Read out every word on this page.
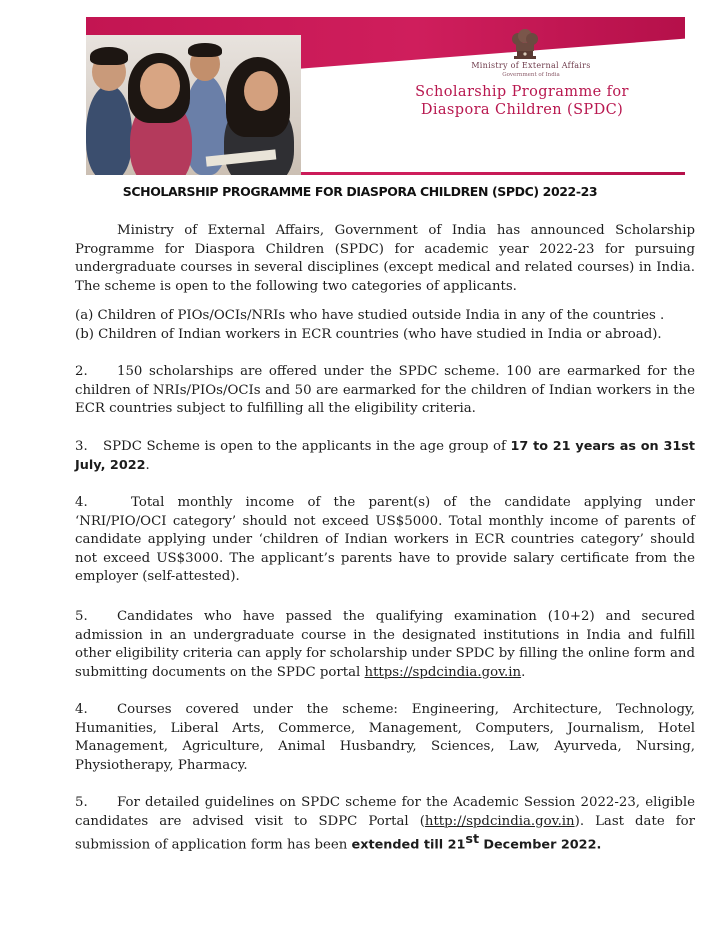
Ministry of External Affairs
Government of India
Scholarship Programme for
Diaspora Children (SPDC)
SCHOLARSHIP PROGRAMME FOR DIASPORA CHILDREN (SPDC) 2022-23

Ministry of External Affairs, Government of India has announced Scholarship Programme for Diaspora Children (SPDC) for academic year 2022-23 for pursuing undergraduate courses in several disciplines (except medical and related courses) in India. The scheme is open to the following two categories of applicants.

(a) Children of PIOs/OCIs/NRIs who have studied outside India in any of the countries .

(b) Children of Indian workers in ECR countries (who have studied in India or abroad).

2. 150 scholarships are offered under the SPDC scheme. 100 are earmarked for the children of NRIs/PIOs/OCIs and 50 are earmarked for the children of Indian workers in the ECR countries subject to fulfilling all the eligibility criteria.

3. SPDC Scheme is open to the applicants in the age group of 17 to 21 years as on 31st July, 2022.

4.	Total monthly income of the parent(s) of the candidate applying under ‘NRI/PIO/OCI category’ should not exceed US$5000. Total monthly income of parents of candidate applying under ‘children of Indian workers in ECR countries category’ should not exceed US$3000. The applicant’s parents have to provide salary certificate from the employer (self-attested).

5. Candidates who have passed the qualifying examination (10+2) and secured admission in an undergraduate course in the designated institutions in India and fulfill other eligibility criteria can apply for scholarship under SPDC by filling the online form and submitting documents on the SPDC portal https://spdcindia.gov.in.

4. Courses covered under the scheme: Engineering, Architecture, Technology, Humanities, Liberal Arts, Commerce, Management, Computers, Journalism, Hotel Management, Agriculture, Animal Husbandry, Sciences, Law, Ayurveda, Nursing, Physiotherapy, Pharmacy.

5. For detailed guidelines on SPDC scheme for the Academic Session 2022-23, eligible candidates are advised visit to SDPC Portal (http://spdcindia.gov.in). Last date for submission of application form has been extended till 21st December 2022.
